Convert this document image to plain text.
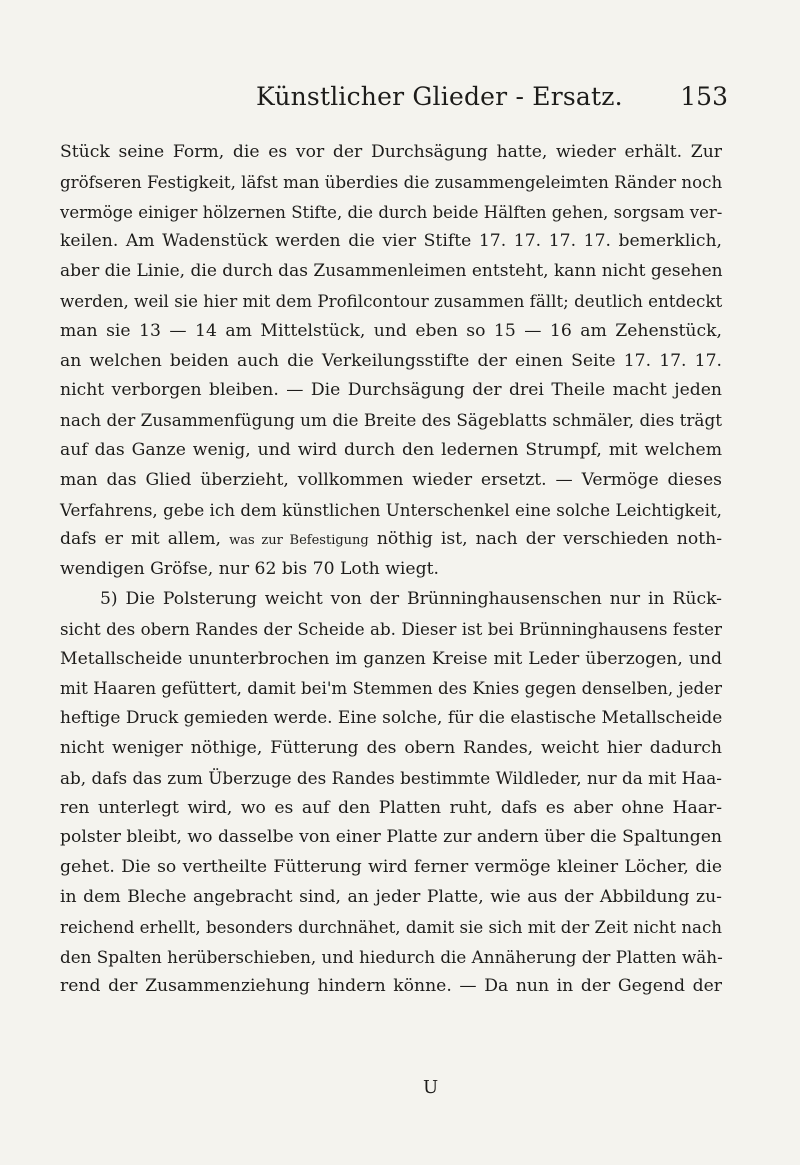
Künstlicher Glieder - Ersatz. 153
Stück seine Form, die es vor der Durchsägung hatte, wieder erhält. Zur
gröfseren Festigkeit, läfst man überdies die zusammengeleimten Ränder noch
vermöge einiger hölzernen Stifte, die durch beide Hälften gehen, sorgsam ver-
keilen. Am Wadenstück werden die vier Stifte 17. 17. 17. 17. bemerklich,
aber die Linie, die durch das Zusammenleimen entsteht, kann nicht gesehen
werden, weil sie hier mit dem Profilcontour zusammen fällt; deutlich entdeckt
man sie 13 — 14 am Mittelstück, und eben so 15 — 16 am Zehenstück,
an welchen beiden auch die Verkeilungsstifte der einen Seite 17. 17. 17.
nicht verborgen bleiben. — Die Durchsägung der drei Theile macht jeden
nach der Zusammenfügung um die Breite des Sägeblatts schmäler, dies trägt
auf das Ganze wenig, und wird durch den ledernen Strumpf, mit welchem
man das Glied überzieht, vollkommen wieder ersetzt. — Vermöge dieses
Verfahrens, gebe ich dem künstlichen Unterschenkel eine solche Leichtigkeit,
dafs er mit allem, was zur Befestigung nöthig ist, nach der verschieden noth-
wendigen Gröfse, nur 62 bis 70 Loth wiegt.
5) Die Polsterung weicht von der Brünninghausenschen nur in Rück-
sicht des obern Randes der Scheide ab. Dieser ist bei Brünninghausens fester
Metallscheide ununterbrochen im ganzen Kreise mit Leder überzogen, und
mit Haaren gefüttert, damit bei'm Stemmen des Knies gegen denselben, jeder
heftige Druck gemieden werde. Eine solche, für die elastische Metallscheide
nicht weniger nöthige, Fütterung des obern Randes, weicht hier dadurch
ab, dafs das zum Überzuge des Randes bestimmte Wildleder, nur da mit Haa-
ren unterlegt wird, wo es auf den Platten ruht, dafs es aber ohne Haar-
polster bleibt, wo dasselbe von einer Platte zur andern über die Spaltungen
gehet. Die so vertheilte Fütterung wird ferner vermöge kleiner Löcher, die
in dem Bleche angebracht sind, an jeder Platte, wie aus der Abbildung zu-
reichend erhellt, besonders durchnähet, damit sie sich mit der Zeit nicht nach
den Spalten herüberschieben, und hiedurch die Annäherung der Platten wäh-
rend der Zusammenziehung hindern könne. — Da nun in der Gegend der
U
